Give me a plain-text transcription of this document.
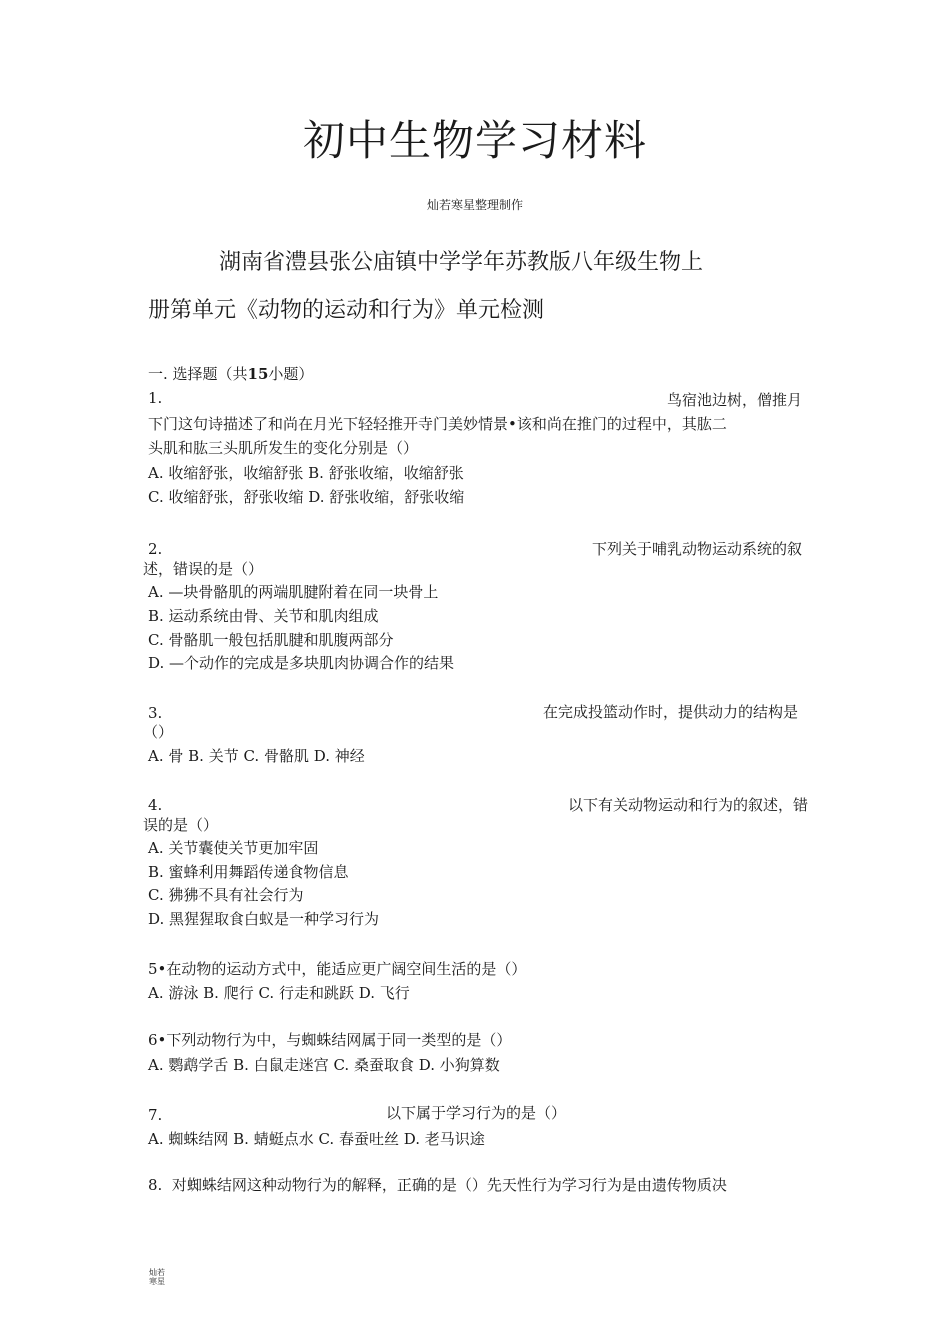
初中生物学习材料
灿若寒星整理制作
湖南省澧县张公庙镇中学学年苏教版八年级生物上
册第单元《动物的运动和行为》单元检测
一. 选择题（共15小题）
1.	鸟宿池边树，僧推月
下门这句诗描述了和尚在月光下轻轻推开寺门美妙情景•该和尚在推门的过程中，其肱二
头肌和肱三头肌所发生的变化分别是（）
A. 收缩舒张，收缩舒张 B. 舒张收缩，收缩舒张
C. 收缩舒张，舒张收缩 D. 舒张收缩，舒张收缩
2.	下列关于哺乳动物运动系统的叙
述，错误的是（）
A. —块骨骼肌的两端肌腱附着在同一块骨上
B. 运动系统由骨、关节和肌肉组成
C. 骨骼肌一般包括肌腱和肌腹两部分
D. —个动作的完成是多块肌肉协调合作的结果
3.	在完成投篮动作时，提供动力的结构是
（）
A. 骨 B. 关节 C. 骨骼肌 D. 神经
4.	以下有关动物运动和行为的叙述，错
误的是（）
A. 关节囊使关节更加牢固
B. 蜜蜂利用舞蹈传递食物信息
C. 狒狒不具有社会行为
D. 黑猩猩取食白蚁是一种学习行为
5•在动物的运动方式中，能适应更广阔空间生活的是（）
A. 游泳 B. 爬行 C. 行走和跳跃 D. 飞行
6•下列动物行为中，与蜘蛛结网属于同一类型的是（）
A. 鹦鹉学舌 B. 白鼠走迷宫 C. 桑蚕取食 D. 小狗算数
7.	以下属于学习行为的是（）
A. 蜘蛛结网 B. 蜻蜓点水 C. 春蚕吐丝 D. 老马识途
8. 对蜘蛛结网这种动物行为的解释，正确的是（）先天性行为学习行为是由遗传物质决
灿若
寒星
